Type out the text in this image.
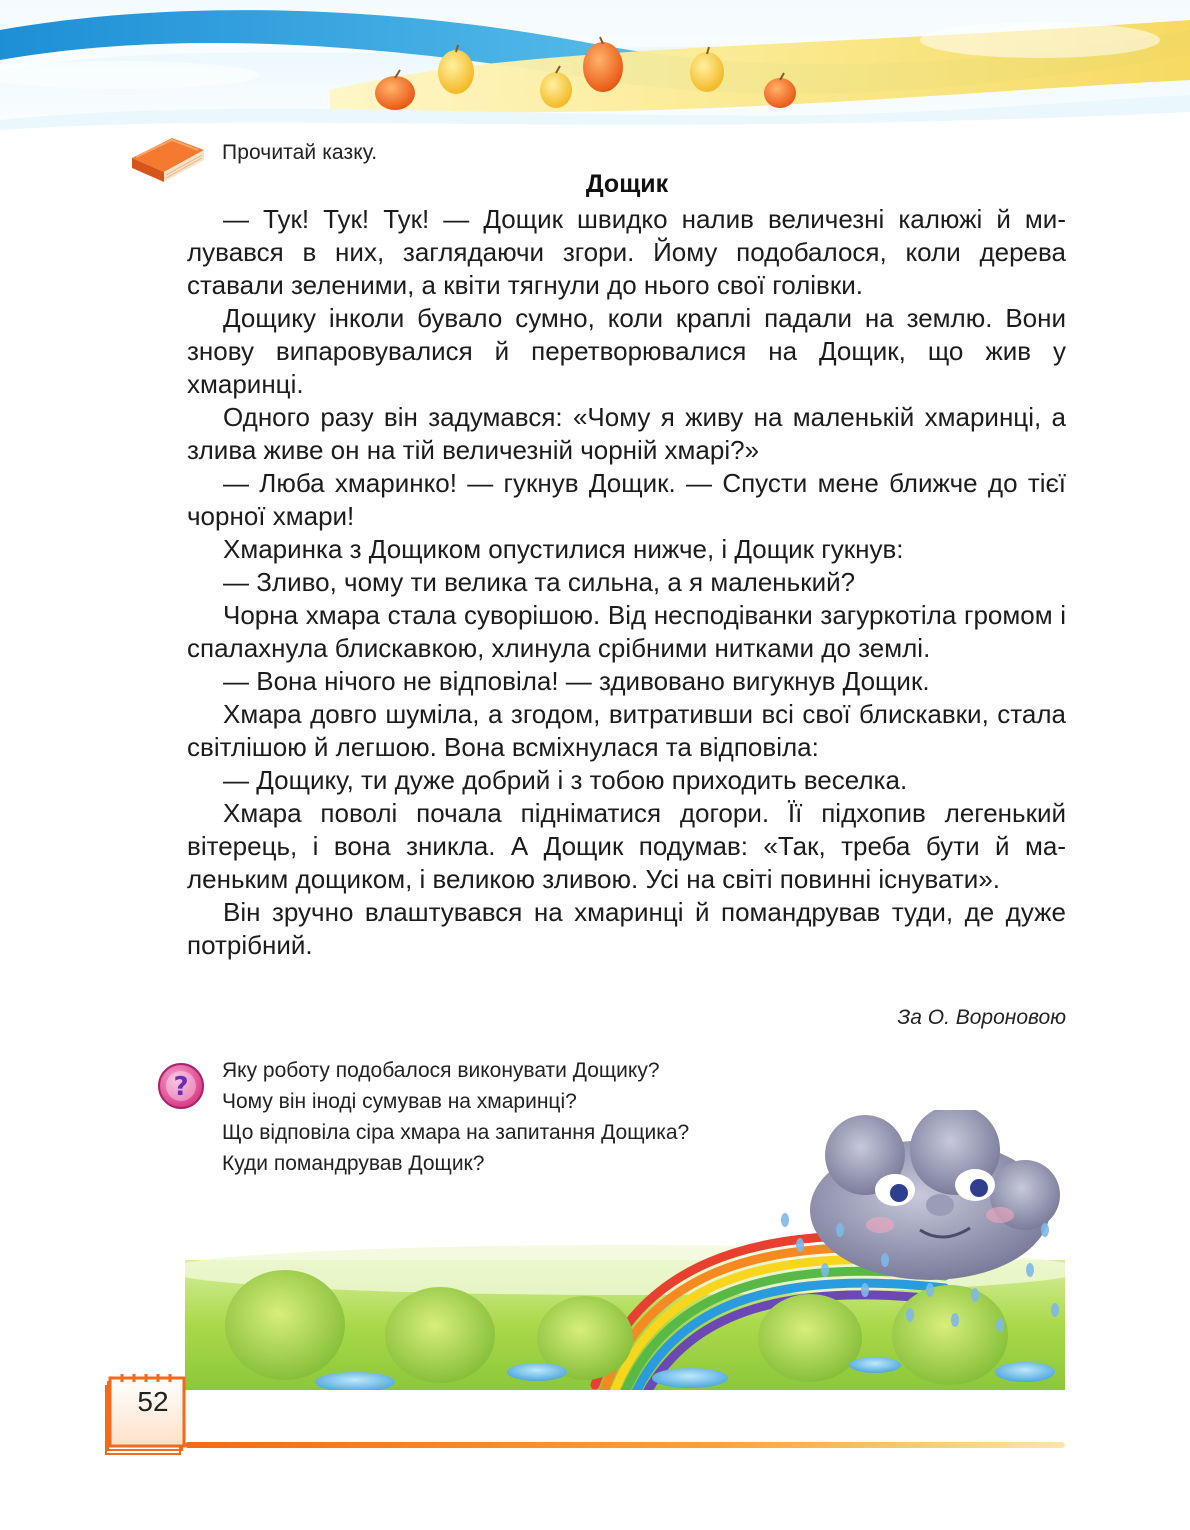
Прочитай казку.
Дощик

— Тук! Тук! Тук! — Дощик швидко налив величезні калюжі й милувався в них, заглядаючи згори. Йому подобалося, коли дерева ставали зеленими, а квіти тягнули до нього свої голівки.

Дощику інколи бувало сумно, коли краплі падали на землю. Вони знову випаровувалися й перетворювалися на Дощик, що жив у хмаринці.

Одного разу він задумався: «Чому я живу на маленькій хмаринці, а злива живе он на тій величезній чорній хмарі?»

— Люба хмаринко! — гукнув Дощик. — Спусти мене ближче до тієї чорної хмари!

Хмаринка з Дощиком опустилися нижче, і Дощик гукнув:

— Зливо, чому ти велика та сильна, а я маленький?

Чорна хмара стала суворішою. Від несподіванки загуркотіла громом і спалахнула блискавкою, хлинула срібними нитками до землі.

— Вона нічого не відповіла! — здивовано вигукнув Дощик.

Хмара довго шуміла, а згодом, витративши всі свої блискавки, стала світлішою й легшою. Вона всміхнулася та відповіла:

— Дощику, ти дуже добрий і з тобою приходить веселка.

Хмара поволі почала підніматися догори. Її підхопив легенький вітерець, і вона зникла. А Дощик подумав: «Так, треба бути й маленьким дощиком, і великою зливою. Усі на світі повинні існувати».

Він зручно влаштувався на хмаринці й помандрував туди, де дуже потрібний.

За О. Вороновою
?
Яку роботу подобалося виконувати Дощику?
Чому він іноді сумував на хмаринці?
Що відповіла сіра хмара на запитання Дощика?
Куди помандрував Дощик?
52
